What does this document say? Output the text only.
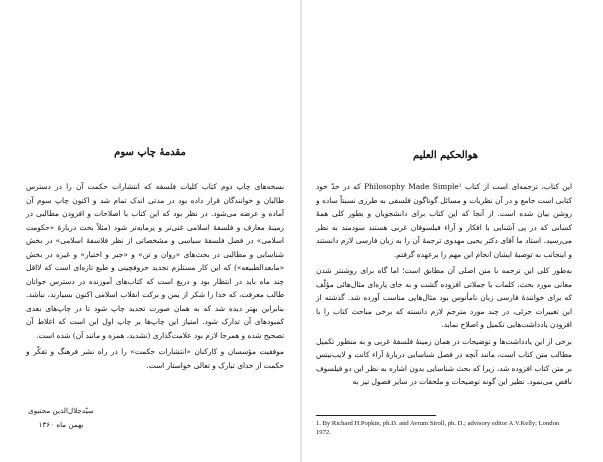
مقدمهٔ چاپ سوم

نسخه‌های چاپ دوم کتاب کلیات فلسفه که انتشارات حکمت آن را در دسترس طالبان و خوانندگان قرار داده بود در مدتی اندک تمام شد و اکنون چاپ سوم آن آماده و عرضه می‌شود. در نظر بود که این کتاب با اصلاحات و افزودن مطالبی در زمینهٔ معارف و فلسفهٔ اسلامی غنی‌تر و پرمایه‌تر شود (مثلاً بحث دربارهٔ «حکومت اسلامی» در فصل فلسفهٔ سیاسی و مشخصاتی از نظر فلاسفهٔ اسلامی» در بخش شناسایی و مطالبی در بحث‌های «روان و تن» و «جبر و اختیار» و غیره در بخش «مابعدالطبیعه») که این کار مستلزم تجدید حروفچینی و طبع تازه‌ای است که لااقل چند ماه باید در انتظار بود و دریغ است که کتاب‌های آموزنده در دسترس جوانان طالب معرفت، که خدا را شکر از یمن و برکت انقلاب اسلامی اکنون بسیارند، نباشد. بنابراین بهتر دیده شد که به همان صورت تجدید چاپ شود تا در چاپ‌های بعدی کمبودهای آن تدارک شود. امتیاز این چاپ‌ها بر چاپ اول این است که اغلاط آن تصحیح شده و همرجا لازم بود علامت‌گذاری (تشدید، همزه و مانند آن) شده است.

موفقیت مؤسسان و کارکنان «انتشارات حکمت» را در راه نشر فرهنگ و تفکّر و حکمت از خدای تبارک و تعالی خواستار است.

سیّدجلال‌الدین مجتبوی
بهمن ماه ۱۳۶۰
هوالحکیم العلیم

این کتاب، ترجمه‌ای است از کتاب Philosophy Made Simple¹ که در حدّ خود کتابی است جامع و در آن نظریات و مسائل گوناگون فلسفی به طرزی نسبتاً ساده و روشن بیان شده است. از آنجا که این کتاب برای دانشجویان و بطور کلی همهٔ کسانی که در پی آشنایی با افکار و آراء فیلسوفان غربی هستند سودمند به نظر می‌رسید، استاد ما آقای دکتر یحیی مهدوی ترجمهٔ آن را به زبان فارسی لازم دانستند و اینجانب به توصیهٔ ایشان انجام این مهم را برعهده گرفتم.

به‌طور کلی این ترجمه با متن اصلی آن مطابق است؛ اما گاه برای روشنتر شدن معانی مورد بحث، کلمات یا جملاتی افزوده گشت و به جای پاره‌ای مثال‌هائی مؤلّف که برای خوانندهٔ فارسی زبان نامأنوس بود مثال‌هایی مناسب آورده شد. گذشته از این تغییرات جزئی، در چند مورد مترجم لازم دانسته که برخی مباحث کتاب را با افزودن یادداشت‌هایی تکمیل و اصلاح نماید.

برخی از این یادداشت‌ها و توضیحات در همان زمینهٔ فلسفهٔ غربی و به منظور تکمیل مطالب متن کتاب است، مانند آنچه در فصل شناسایی دربارهٔ آراء کانت و لایب‌نیتس بر متن کتاب افزوده شد، زیرا که بحث شناسایی بدون اشاره به نظر این دو فیلسوف ناقص می‌نمود. نظیر این گونه توضیحات و ملحقات در سایر فصول نیز به

1. By Richard H.Popkin, ph.D. and Avrum Stroll, ph. D.; advisory editor A.V.Kelly; London 1972.
